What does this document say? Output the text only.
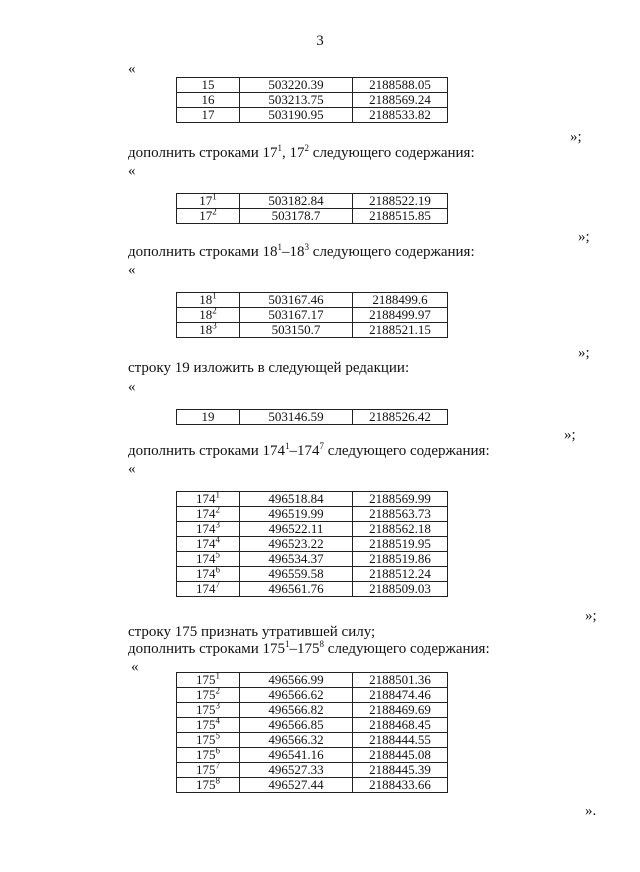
3
«
15	503220.39	2188588.05
16	503213.75	2188569.24
17	503190.95	2188533.82
»;
дополнить строками $17^1$, $17^2$ следующего содержания:
«
$17^1$	503182.84	2188522.19
$17^2$	503178.7	2188515.85
»;
дополнить строками $18^1-18^3$ следующего содержания:
«
$18^1$	503167.46	2188499.6
$18^2$	503167.17	2188499.97
$18^3$	503150.7	2188521.15
»;
строку 19 изложить в следующей редакции:
«
19	503146.59	2188526.42
»;
дополнить строками $174^1-174^7$ следующего содержания:
«
$174^1$	496518.84	2188569.99
$174^2$	496519.99	2188563.73
$174^3$	496522.11	2188562.18
$174^4$	496523.22	2188519.95
$174^5$	496534.37	2188519.86
$174^6$	496559.58	2188512.24
$174^7$	496561.76	2188509.03
»;
строку 175 признать утратившей силу;
дополнить строками $175^1-175^8$ следующего содержания:
«
$175^1$	496566.99	2188501.36
$175^2$	496566.62	2188474.46
$175^3$	496566.82	2188469.69
$175^4$	496566.85	2188468.45
$175^5$	496566.32	2188444.55
$175^6$	496541.16	2188445.08
$175^7$	496527.33	2188445.39
$175^8$	496527.44	2188433.66
».
